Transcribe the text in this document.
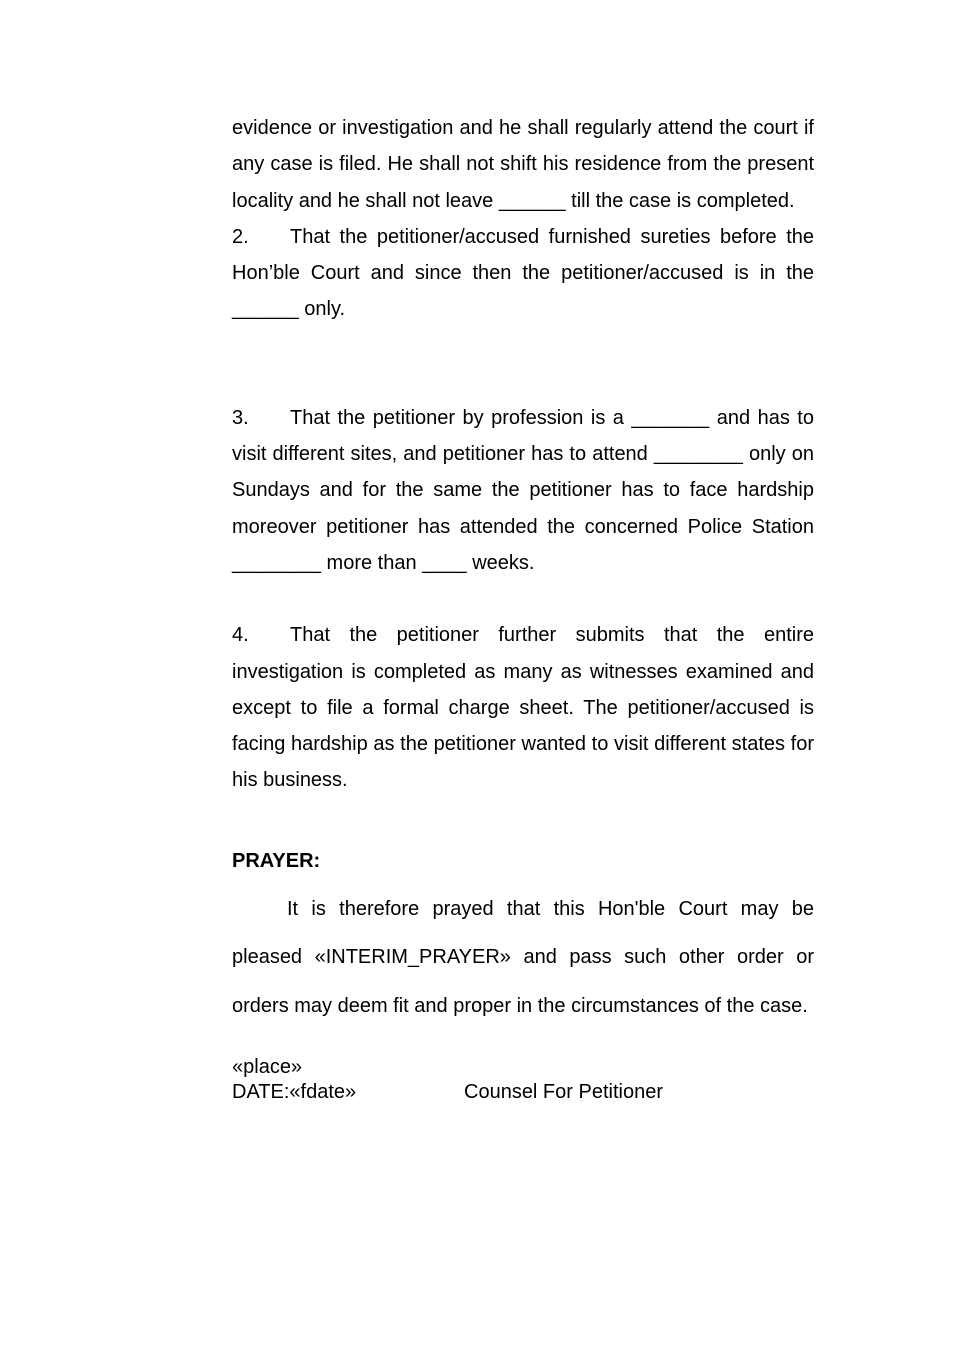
evidence or investigation and he shall regularly attend the court if any case is filed. He shall not shift his residence from the present locality and he shall not leave ______ till the case is completed.

2. That the petitioner/accused furnished sureties before the Hon’ble Court and since then the petitioner/accused is in the ______ only.

3. That the petitioner by profession is a _______ and has to visit different sites, and petitioner has to attend ________ only on Sundays and for the same the petitioner has to face hardship moreover petitioner has attended the concerned Police Station ________ more than ____ weeks.

4. That the petitioner further submits that the entire investigation is completed as many as witnesses examined and except to file a formal charge sheet. The petitioner/accused is facing hardship as the petitioner wanted to visit different states for his business.

PRAYER:

It is therefore prayed that this Hon'ble Court may be pleased «INTERIM_PRAYER» and pass such other order or orders may deem fit and proper in the circumstances of the case.

«place»
DATE:«fdate»	Counsel For Petitioner
